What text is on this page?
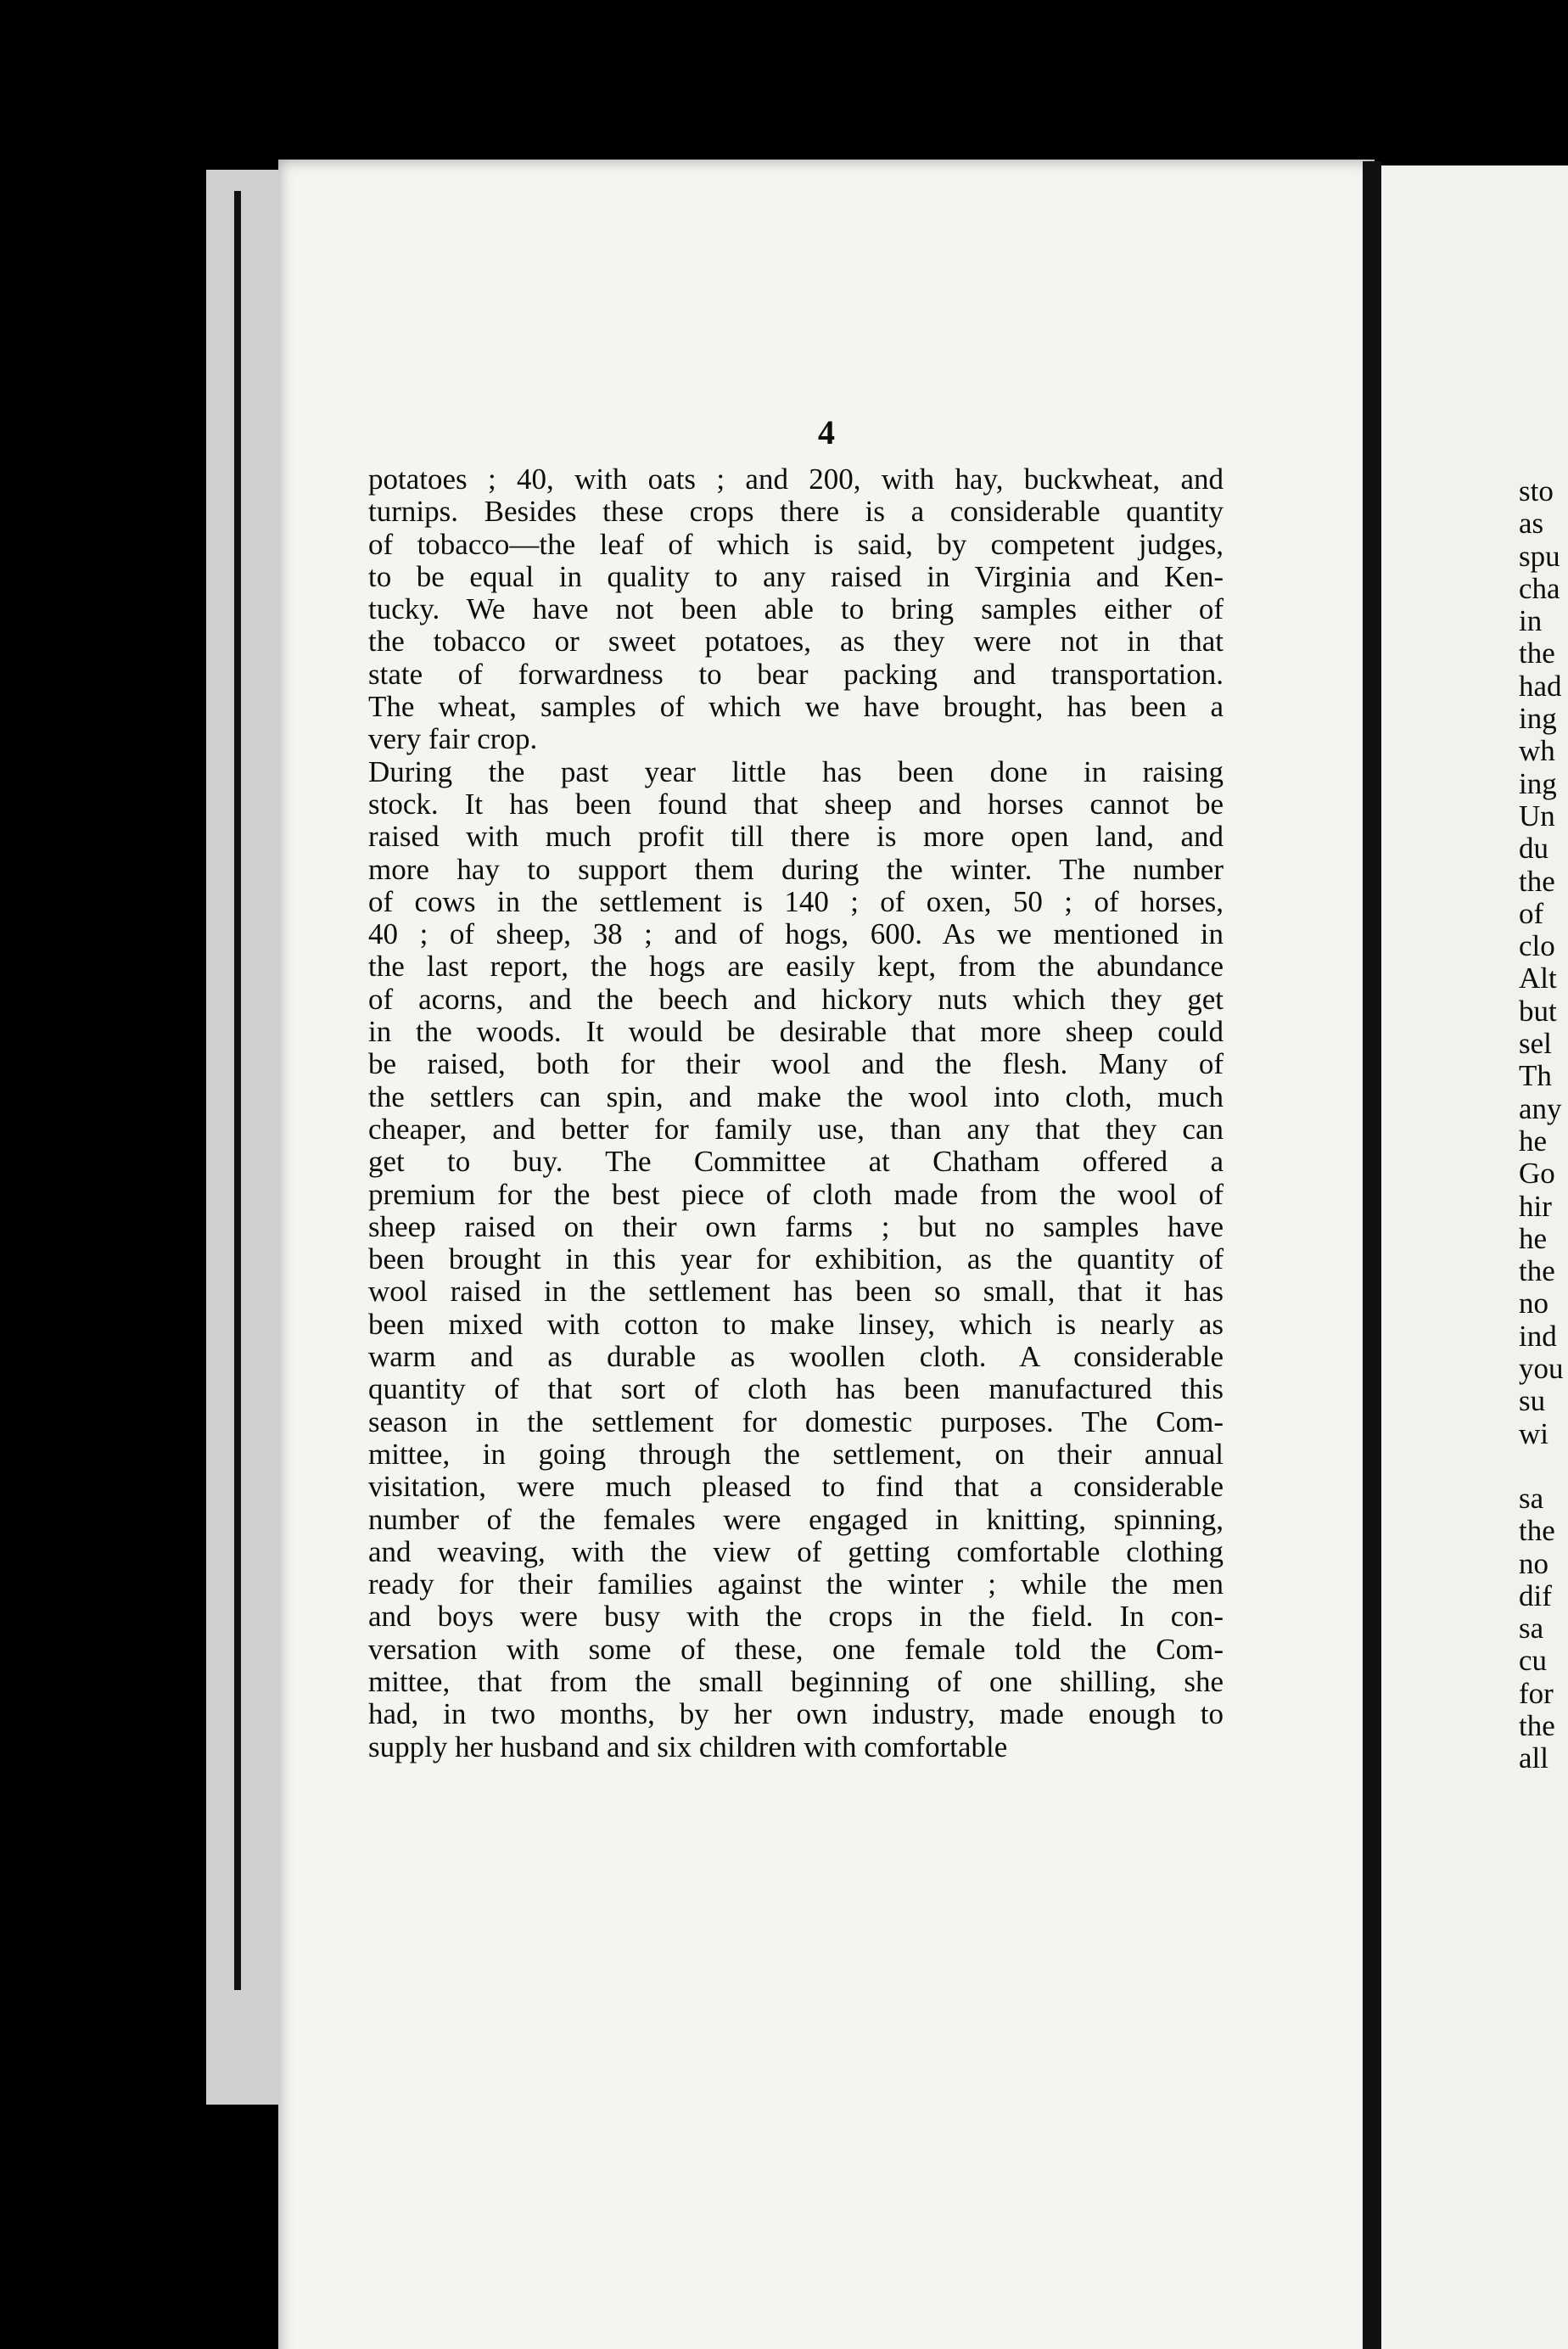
4
potatoes ; 40, with oats ; and 200, with hay, buckwheat, and
turnips. Besides these crops there is a considerable quantity
of tobacco—the leaf of which is said, by competent judges,
to be equal in quality to any raised in Virginia and Ken-
tucky. We have not been able to bring samples either of
the tobacco or sweet potatoes, as they were not in that
state of forwardness to bear packing and transportation.
The wheat, samples of which we have brought, has been a
very fair crop.
During the past year little has been done in raising
stock. It has been found that sheep and horses cannot be
raised with much profit till there is more open land, and
more hay to support them during the winter. The number
of cows in the settlement is 140 ; of oxen, 50 ; of horses,
40 ; of sheep, 38 ; and of hogs, 600. As we mentioned in
the last report, the hogs are easily kept, from the abundance
of acorns, and the beech and hickory nuts which they get
in the woods. It would be desirable that more sheep could
be raised, both for their wool and the flesh. Many of
the settlers can spin, and make the wool into cloth, much
cheaper, and better for family use, than any that they can
get to buy. The Committee at Chatham offered a
premium for the best piece of cloth made from the wool of
sheep raised on their own farms ; but no samples have
been brought in this year for exhibition, as the quantity of
wool raised in the settlement has been so small, that it has
been mixed with cotton to make linsey, which is nearly as
warm and as durable as woollen cloth. A considerable
quantity of that sort of cloth has been manufactured this
season in the settlement for domestic purposes. The Com-
mittee, in going through the settlement, on their annual
visitation, were much pleased to find that a considerable
number of the females were engaged in knitting, spinning,
and weaving, with the view of getting comfortable clothing
ready for their families against the winter ; while the men
and boys were busy with the crops in the field. In con-
versation with some of these, one female told the Com-
mittee, that from the small beginning of one shilling, she
had, in two months, by her own industry, made enough to
supply her husband and six children with comfortable
sto
as
spu
cha
in
the
had
ing
wh
ing
Un
du
the
of
clo
Alt
but
sel
Th
any
he
Go
hir
he
the
no
ind
you
su
wi
sa
the
no
dif
sa
cu
for
the
all
